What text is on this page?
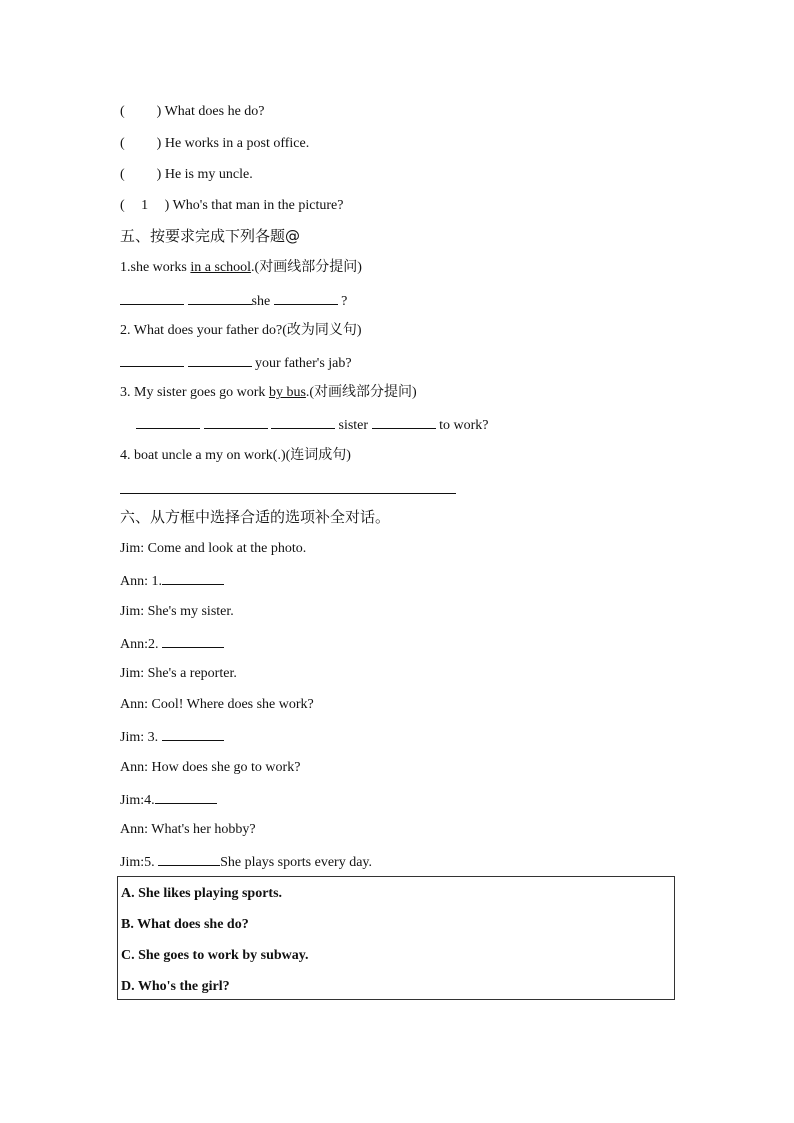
( ) What does he do?
( ) He works in a post office.
( ) He is my uncle.
( 1 ) Who's that man in the picture?
五、按要求完成下列各题@
1.she works in a school.(对画线部分提问)
she	?
2. What does your father do?(改为同义句)
your father's jab?
3. My sister goes go work by bus.(对画线部分提问)
sister	to work?
4. boat uncle a my on work(.)(连词成句)
六、从方框中选择合适的选项补全对话。
Jim: Come and look at the photo.
Ann: 1.
Jim: She's my sister.
Ann:2.
Jim: She's a reporter.
Ann: Cool! Where does she work?
Jim: 3.
Ann: How does she go to work?
Jim:4.
Ann: What's her hobby?
Jim:5.	She plays sports every day.
A. She likes playing sports.
B. What does she do?
C. She goes to work by subway.
D. Who's the girl?
